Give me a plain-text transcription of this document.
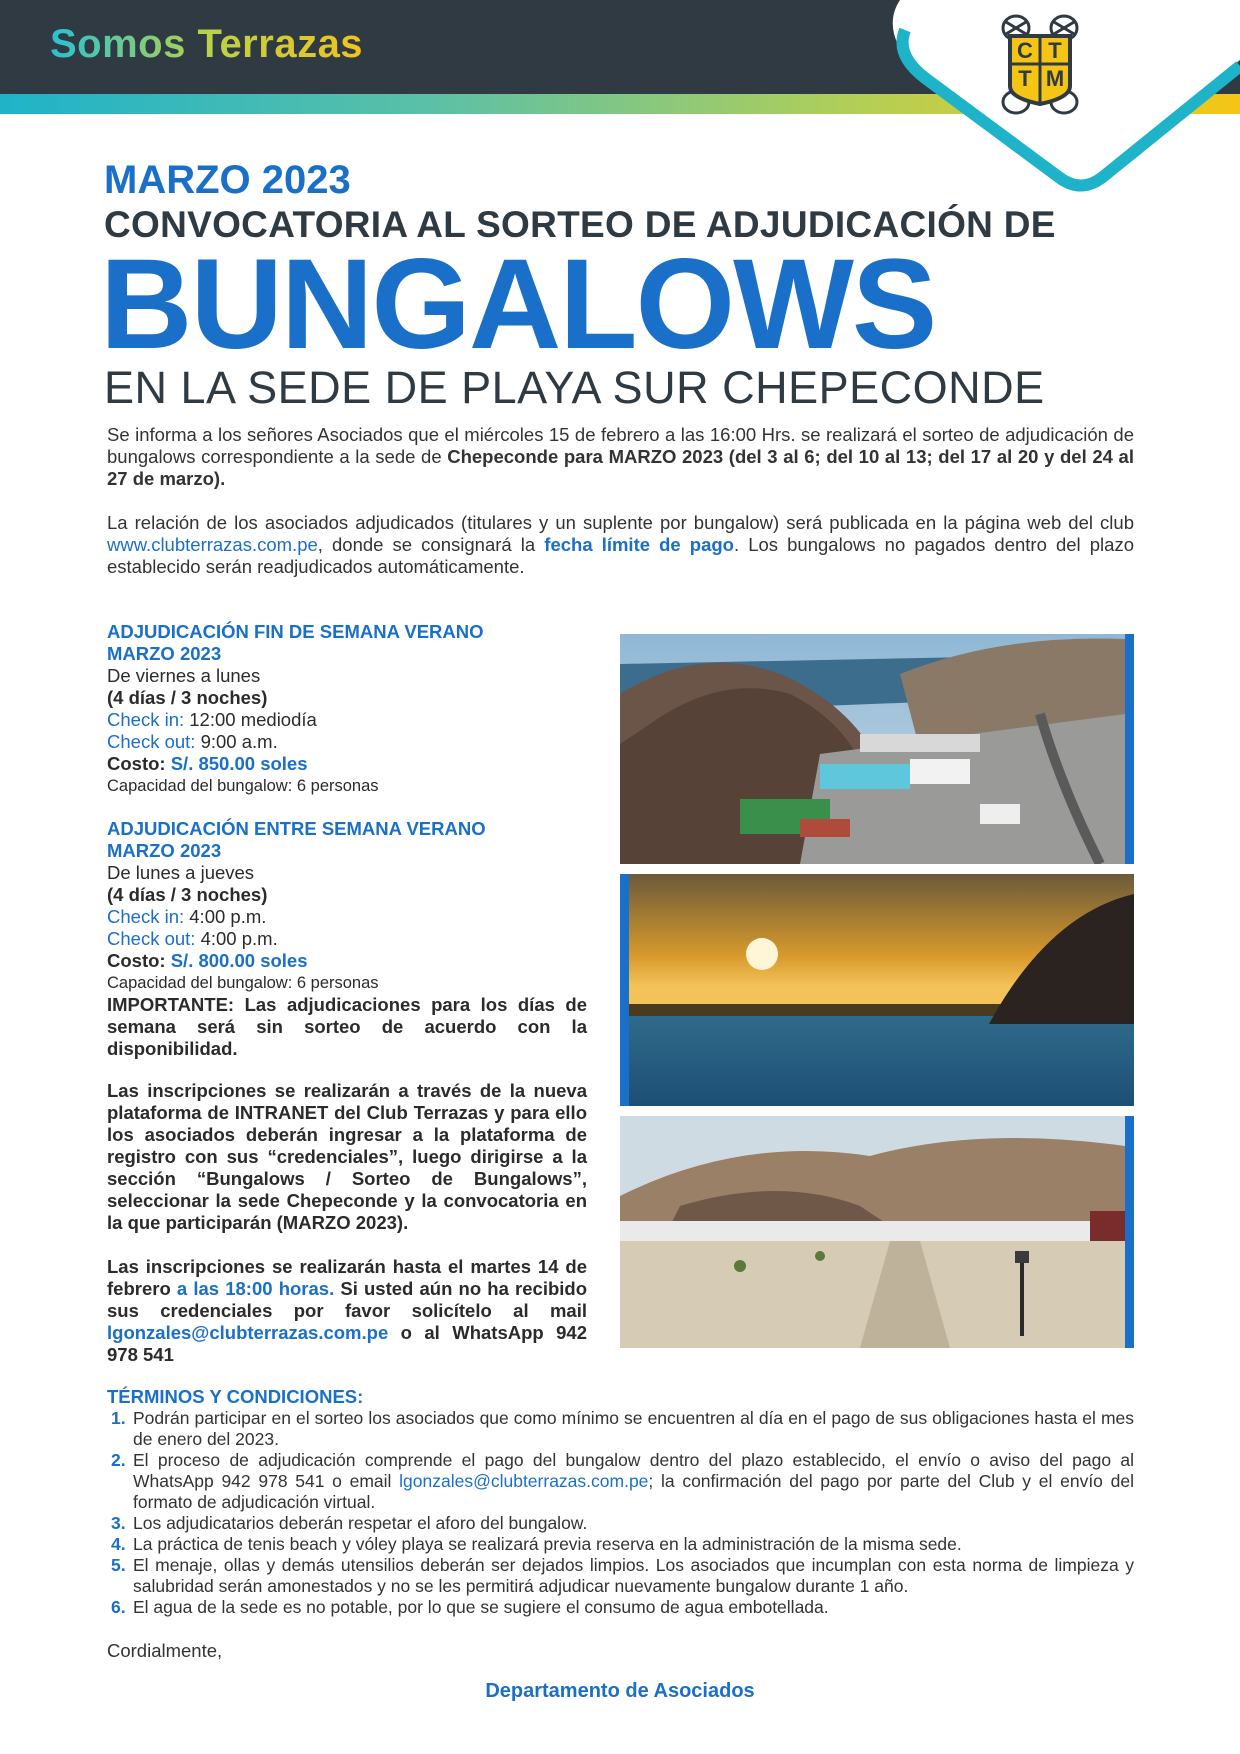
Somos Terrazas	C T
T M
MARZO 2023
CONVOCATORIA AL SORTEO DE ADJUDICACIÓN DE
BUNGALOWS
EN LA SEDE DE PLAYA SUR CHEPECONDE
Se informa a los señores Asociados que el miércoles 15 de febrero a las 16:00 Hrs. se realizará el sorteo de adjudicación de bungalows correspondiente a la sede de Chepeconde para MARZO 2023 (del 3 al 6; del 10 al 13; del 17 al 20 y del 24 al 27 de marzo).
La relación de los asociados adjudicados (titulares y un suplente por bungalow) será publicada en la página web del club www.clubterrazas.com.pe, donde se consignará la fecha límite de pago. Los bungalows no pagados dentro del plazo establecido serán readjudicados automáticamente.
ADJUDICACIÓN FIN DE SEMANA VERANO
MARZO 2023
De viernes a lunes
(4 días / 3 noches)
Check in: 12:00 mediodía
Check out: 9:00 a.m.
Costo: S/. 850.00 soles
Capacidad del bungalow: 6 personas
ADJUDICACIÓN ENTRE SEMANA VERANO
MARZO 2023
De lunes a jueves
(4 días / 3 noches)
Check in: 4:00 p.m.
Check out: 4:00 p.m.
Costo: S/. 800.00 soles
Capacidad del bungalow: 6 personas
IMPORTANTE: Las adjudicaciones para los días de semana será sin sorteo de acuerdo con la disponibilidad.
Las inscripciones se realizarán a través de la nueva plataforma de INTRANET del Club Terrazas y para ello los asociados deberán ingresar a la plataforma de registro con sus “credenciales”, luego dirigirse a la sección “Bungalows / Sorteo de Bungalows”, seleccionar la sede Chepeconde y la convocatoria en la que participarán (MARZO 2023).
Las inscripciones se realizarán hasta el martes 14 de febrero a las 18:00 horas. Si usted aún no ha recibido sus credenciales por favor solicítelo al mail lgonzales@clubterrazas.com.pe o al WhatsApp 942 978 541
TÉRMINOS Y CONDICIONES:
1. Podrán participar en el sorteo los asociados que como mínimo se encuentren al día en el pago de sus obligaciones hasta el mes de enero del 2023.
2. El proceso de adjudicación comprende el pago del bungalow dentro del plazo establecido, el envío o aviso del pago al WhatsApp 942 978 541 o email lgonzales@clubterrazas.com.pe; la confirmación del pago por parte del Club y el envío del formato de adjudicación virtual.
3. Los adjudicatarios deberán respetar el aforo del bungalow.
4. La práctica de tenis beach y vóley playa se realizará previa reserva en la administración de la misma sede.
5. El menaje, ollas y demás utensilios deberán ser dejados limpios. Los asociados que incumplan con esta norma de limpieza y salubridad serán amonestados y no se les permitirá adjudicar nuevamente bungalow durante 1 año.
6. El agua de la sede es no potable, por lo que se sugiere el consumo de agua embotellada.
Cordialmente,
Departamento de Asociados
